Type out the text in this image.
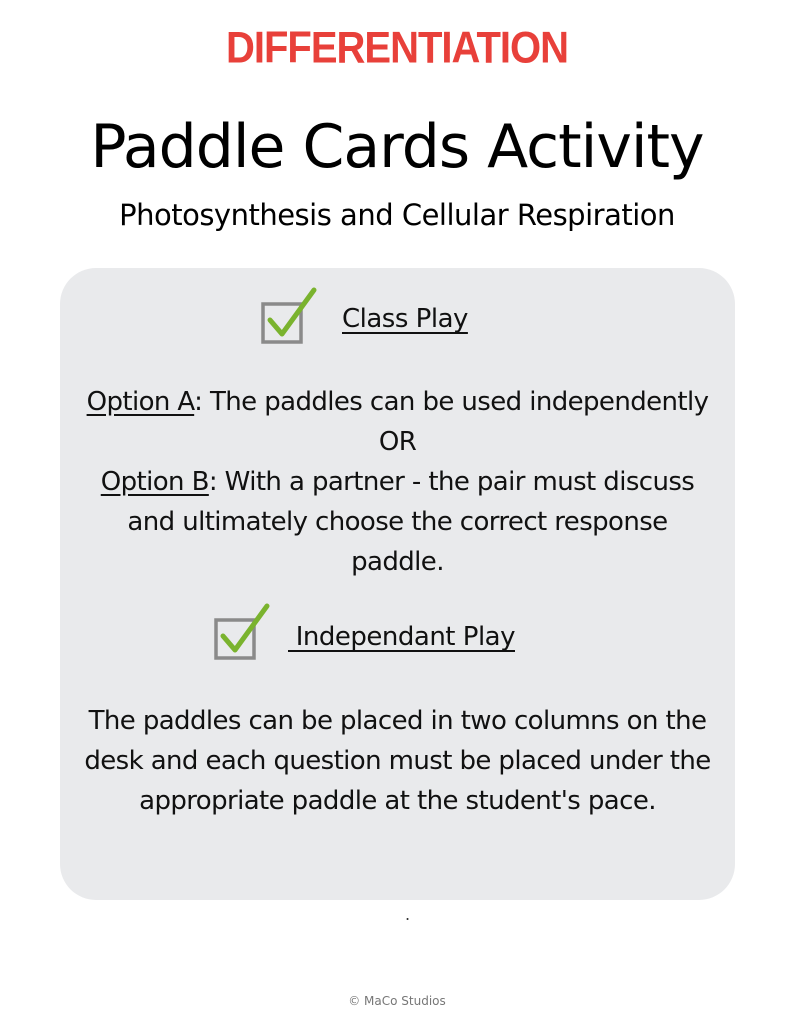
DIFFERENTIATION
Paddle Cards Activity
Photosynthesis and Cellular Respiration
Class Play
Option A: The paddles can be used independently
OR
Option B: With a partner - the pair must discuss
and ultimately choose the correct response
paddle.
Independant Play
The paddles can be placed in two columns on the
desk and each question must be placed under the
appropriate paddle at the student's pace.
.
© MaCo Studios
